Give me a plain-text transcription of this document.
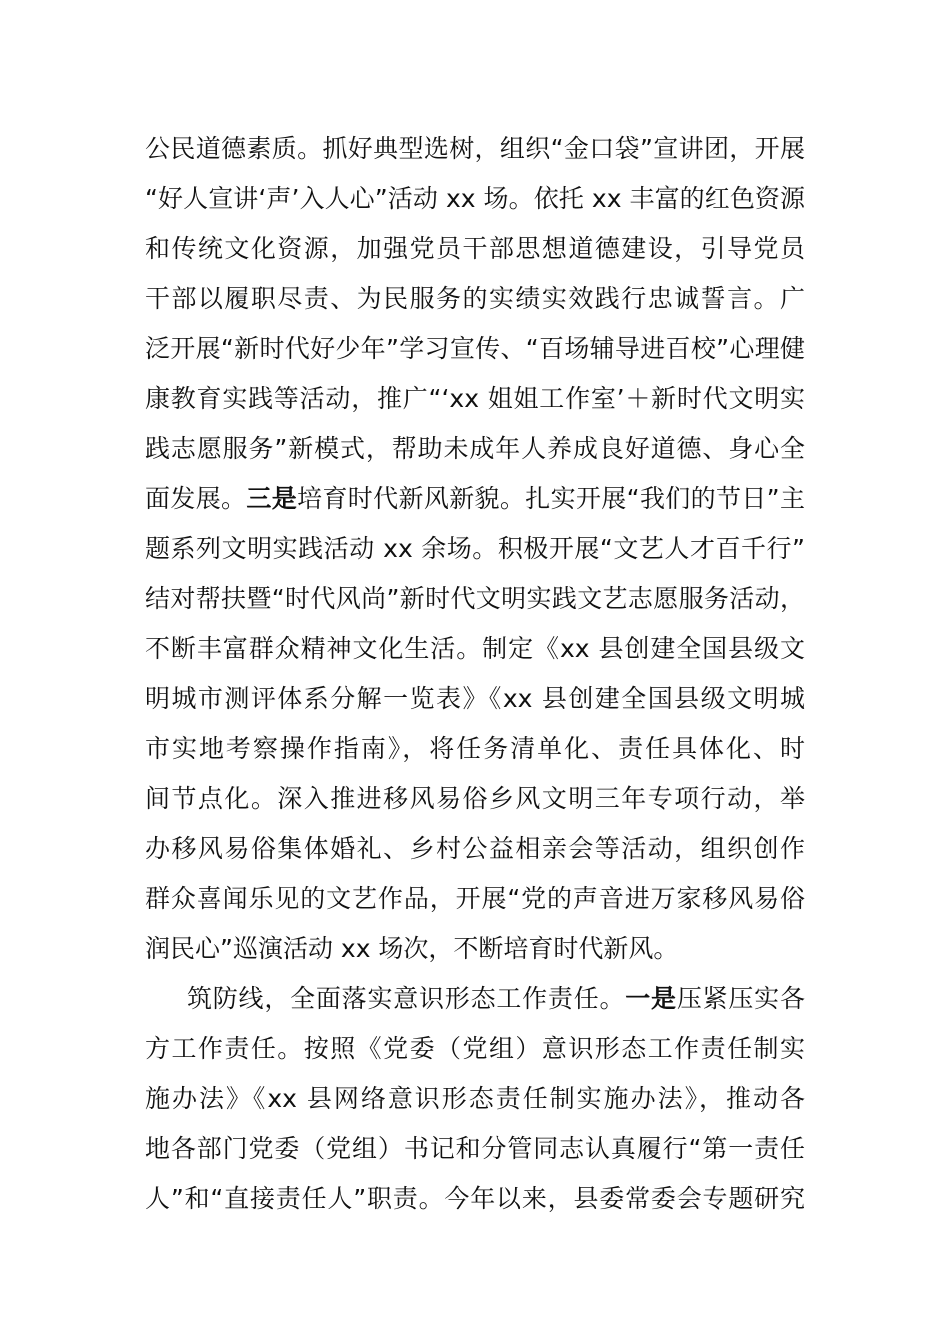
公民道德素质。抓好典型选树，组织“金口袋”宣讲团，开展
“好人宣讲‘声’入人心”活动 xx 场。依托 xx 丰富的红色资源
和传统文化资源，加强党员干部思想道德建设，引导党员
干部以履职尽责、为民服务的实绩实效践行忠诚誓言。广
泛开展“新时代好少年”学习宣传、“百场辅导进百校”心理健
康教育实践等活动，推广“‘xx 姐姐工作室’＋新时代文明实
践志愿服务”新模式，帮助未成年人养成良好道德、身心全
面发展。三是培育时代新风新貌。扎实开展“我们的节日”主
题系列文明实践活动 xx 余场。积极开展“文艺人才百千行”
结对帮扶暨“时代风尚”新时代文明实践文艺志愿服务活动，
不断丰富群众精神文化生活。制定《xx 县创建全国县级文
明城市测评体系分解一览表》《xx 县创建全国县级文明城
市实地考察操作指南》，将任务清单化、责任具体化、时
间节点化。深入推进移风易俗乡风文明三年专项行动，举
办移风易俗集体婚礼、乡村公益相亲会等活动，组织创作
群众喜闻乐见的文艺作品，开展“党的声音进万家移风易俗
润民心”巡演活动 xx 场次，不断培育时代新风。
筑防线，全面落实意识形态工作责任。一是压紧压实各
方工作责任。按照《党委（党组）意识形态工作责任制实
施办法》《xx 县网络意识形态责任制实施办法》，推动各
地各部门党委（党组）书记和分管同志认真履行“第一责任
人”和“直接责任人”职责。今年以来，县委常委会专题研究
